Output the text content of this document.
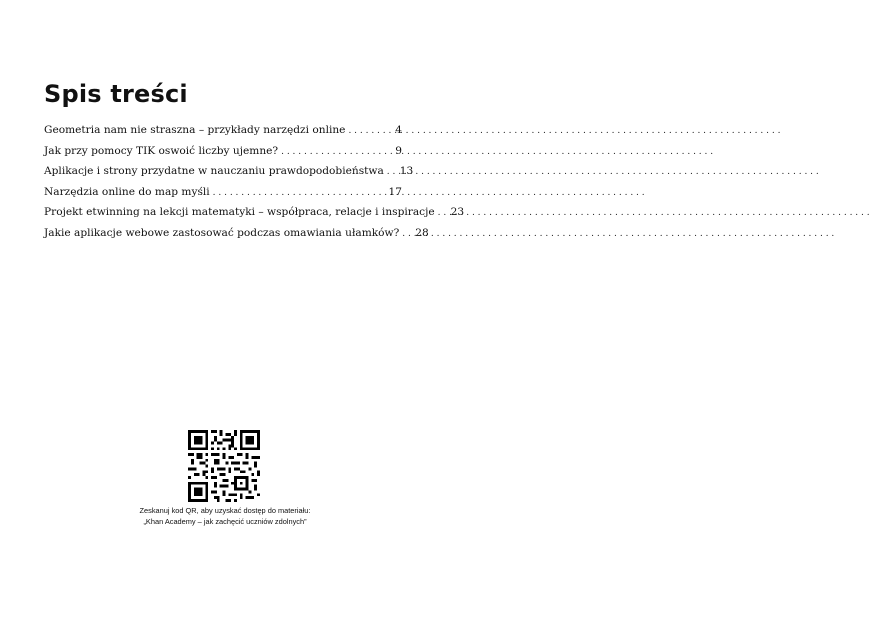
Spis treści
Geometria nam nie straszna – przykłady narzędzi online . . .	4
Jak przy pomocy TIK oswoić liczby ujemne? . . .	9
Aplikacje i strony przydatne w nauczaniu prawdopodobieństwa . . . 13
Narzędzia online do map myśli . . .	17
Projekt etwinning na lekcji matematyki – współpraca, relacje i inspiracje . . . 23
Jakie aplikacje webowe zastosować podczas omawiania ułamków? . . . 28

Zeskanuj kod QR, aby uzyskać dostęp do materiału:
„Khan Academy – jak zachęcić uczniów zdolnych”
